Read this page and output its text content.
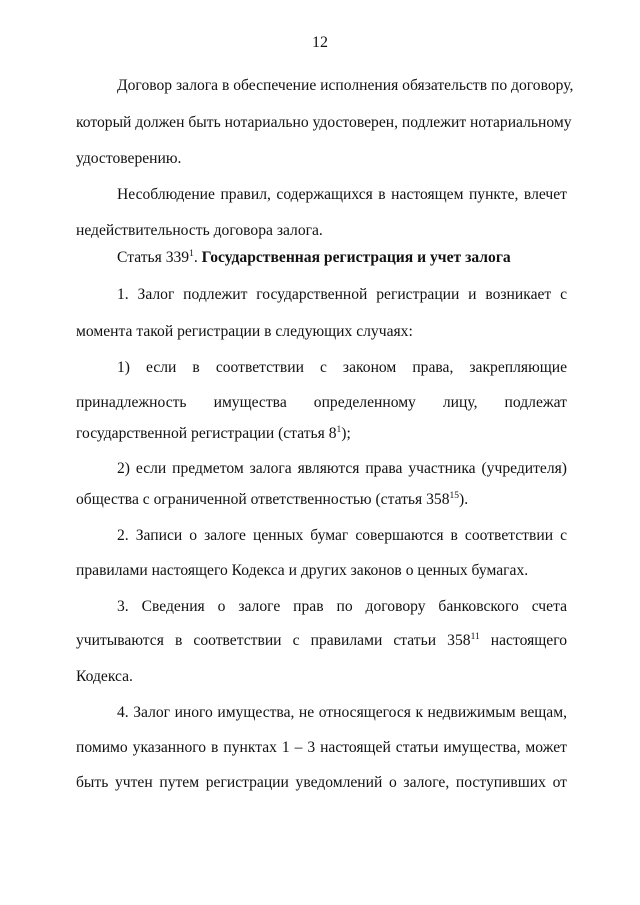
12
Договор залога в обеспечение исполнения обязательств по договору,
который должен быть нотариально удостоверен, подлежит нотариальному
удостоверению.
Несоблюдение правил, содержащихся в настоящем пункте, влечет
недействительность договора залога.
Статья $339^1$. Государственная регистрация и учет залога
1. Залог подлежит государственной регистрации и возникает с
момента такой регистрации в следующих случаях:
1) если в соответствии с законом права, закрепляющие
принадлежность имущества определенному лицу, подлежат
государственной регистрации (статья $8^1$);
2) если предметом залога являются права участника (учредителя)
общества с ограниченной ответственностью (статья $358^{15}$).
2. Записи о залоге ценных бумаг совершаются в соответствии с
правилами настоящего Кодекса и других законов о ценных бумагах.
3. Сведения о залоге прав по договору банковского счета
учитываются в соответствии с правилами статьи $358^{11}$ настоящего
Кодекса.
4. Залог иного имущества, не относящегося к недвижимым вещам,
помимо указанного в пунктах 1 – 3 настоящей статьи имущества, может
быть учтен путем регистрации уведомлений о залоге, поступивших от
